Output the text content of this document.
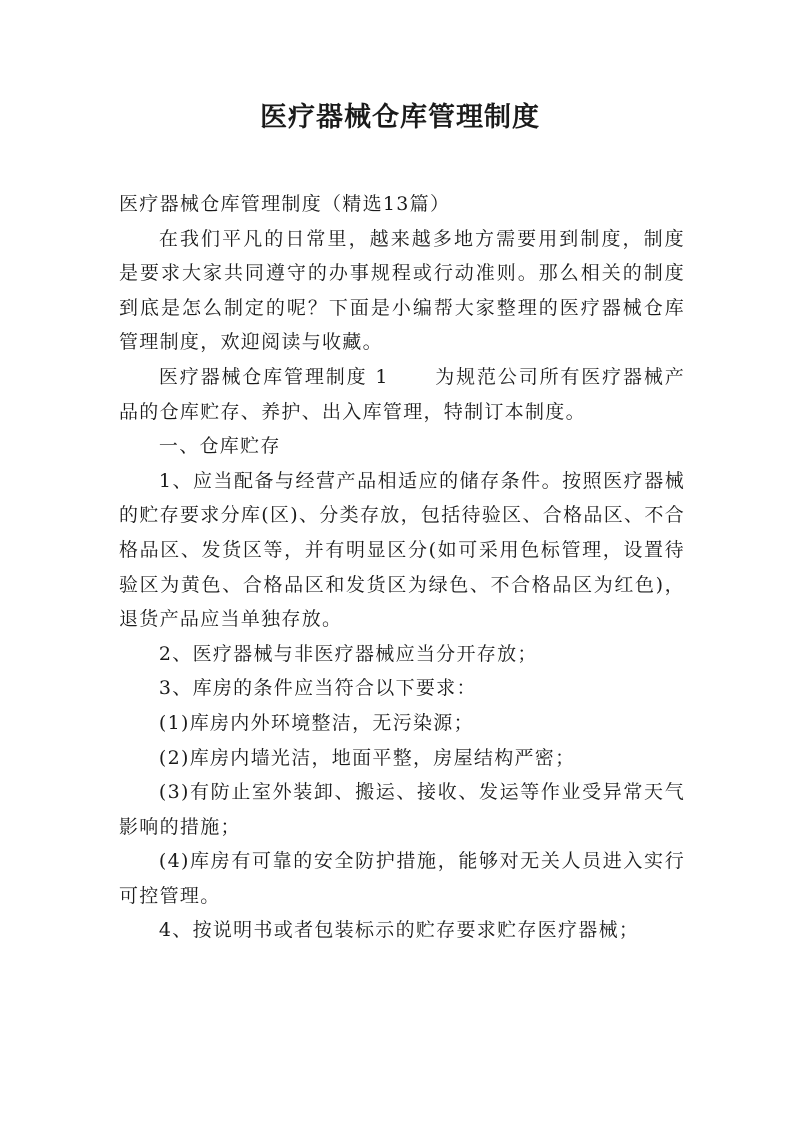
医疗器械仓库管理制度

医疗器械仓库管理制度（精选13篇）

在我们平凡的日常里，越来越多地方需要用到制度，制度是要求大家共同遵守的办事规程或行动准则。那么相关的制度到底是怎么制定的呢？下面是小编帮大家整理的医疗器械仓库管理制度，欢迎阅读与收藏。

医疗器械仓库管理制度 1 为规范公司所有医疗器械产品的仓库贮存、养护、出入库管理，特制订本制度。

一、仓库贮存

1、应当配备与经营产品相适应的储存条件。按照医疗器械的贮存要求分库(区)、分类存放，包括待验区、合格品区、不合格品区、发货区等，并有明显区分(如可采用色标管理，设置待验区为黄色、合格品区和发货区为绿色、不合格品区为红色)，退货产品应当单独存放。

2、医疗器械与非医疗器械应当分开存放；

3、库房的条件应当符合以下要求：

(1)库房内外环境整洁，无污染源；

(2)库房内墙光洁，地面平整，房屋结构严密；

(3)有防止室外装卸、搬运、接收、发运等作业受异常天气影响的措施；

(4)库房有可靠的安全防护措施，能够对无关人员进入实行可控管理。

4、按说明书或者包装标示的贮存要求贮存医疗器械；
